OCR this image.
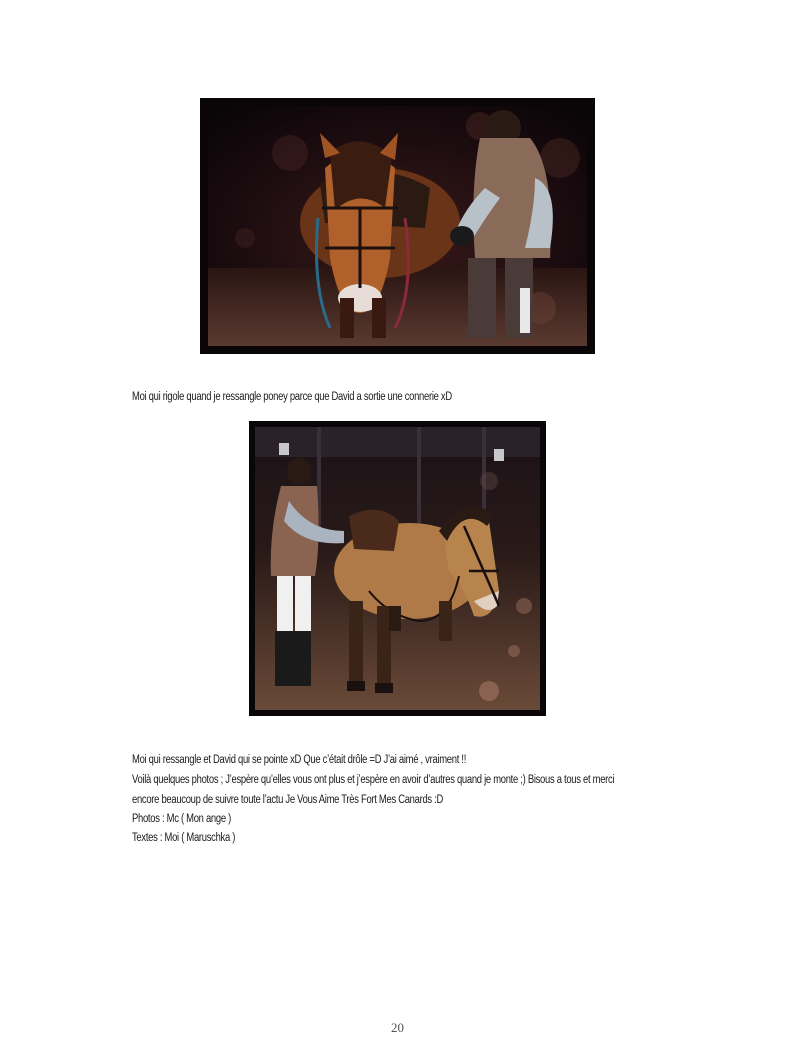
Moi qui rigole quand je ressangle poney parce que David a sortie une connerie xD
Moi qui ressangle et David qui se pointe xD Que c’était drôle =D J’ai aimé , vraiment !!
Voilà quelques photos ; J’espère qu’elles vous ont plus et j’espère en avoir d’autres quand je monte ;) Bisous a tous et merci
encore beaucoup de suivre toute l’actu Je Vous Aime Très Fort Mes Canards :D
Photos : Mc ( Mon ange )
Textes : Moi ( Maruschka )
20
